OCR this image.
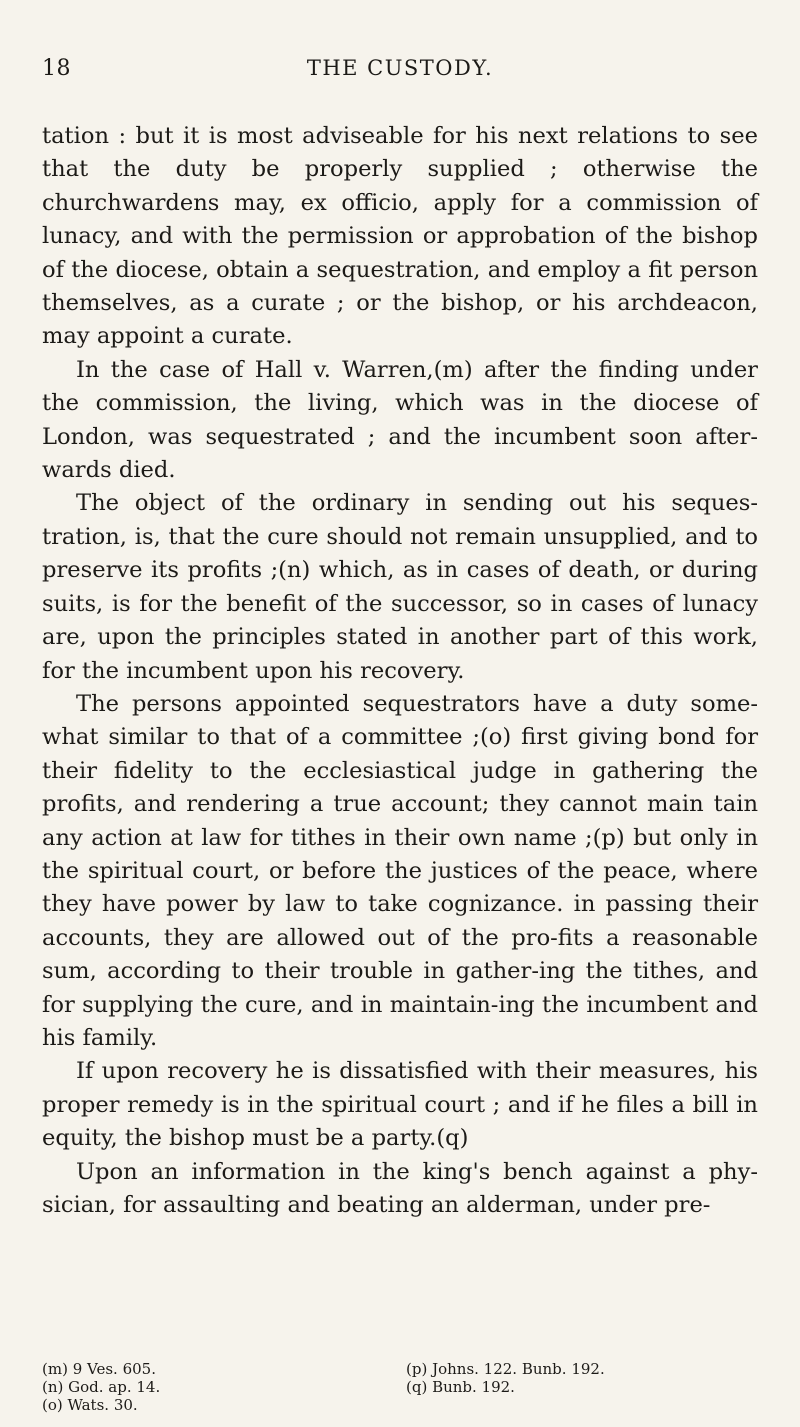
18	THE CUSTODY.

tation : but it is most adviseable for his next relations to see that the duty be properly supplied ; otherwise the churchwardens may, ex officio, apply for a commission of lunacy, and with the permission or approbation of the bishop of the diocese, obtain a sequestration, and employ a fit person themselves, as a curate ; or the bishop, or his archdeacon, may appoint a curate.

In the case of Hall v. Warren,(m) after the finding under the commission, the living, which was in the diocese of London, was sequestrated ; and the incumbent soon after-wards died.

The object of the ordinary in sending out his seques-tration, is, that the cure should not remain unsupplied, and to preserve its profits ;(n) which, as in cases of death, or during suits, is for the benefit of the successor, so in cases of lunacy are, upon the principles stated in another part of this work, for the incumbent upon his recovery.

The persons appointed sequestrators have a duty some-what similar to that of a committee ;(o) first giving bond for their fidelity to the ecclesiastical judge in gathering the profits, and rendering a true account; they cannot main tain any action at law for tithes in their own name ;(p) but only in the spiritual court, or before the justices of the peace, where they have power by law to take cognizance. in passing their accounts, they are allowed out of the pro-fits a reasonable sum, according to their trouble in gather-ing the tithes, and for supplying the cure, and in maintain-ing the incumbent and his family.

If upon recovery he is dissatisfied with their measures, his proper remedy is in the spiritual court ; and if he files a bill in equity, the bishop must be a party.(q)

Upon an information in the king's bench against a phy-sician, for assaulting and beating an alderman, under pre-

(m) 9 Ves. 605.	(p) Johns. 122. Bunb. 192.
(n) God. ap. 14.	(q) Bunb. 192.
(o) Wats. 30.
